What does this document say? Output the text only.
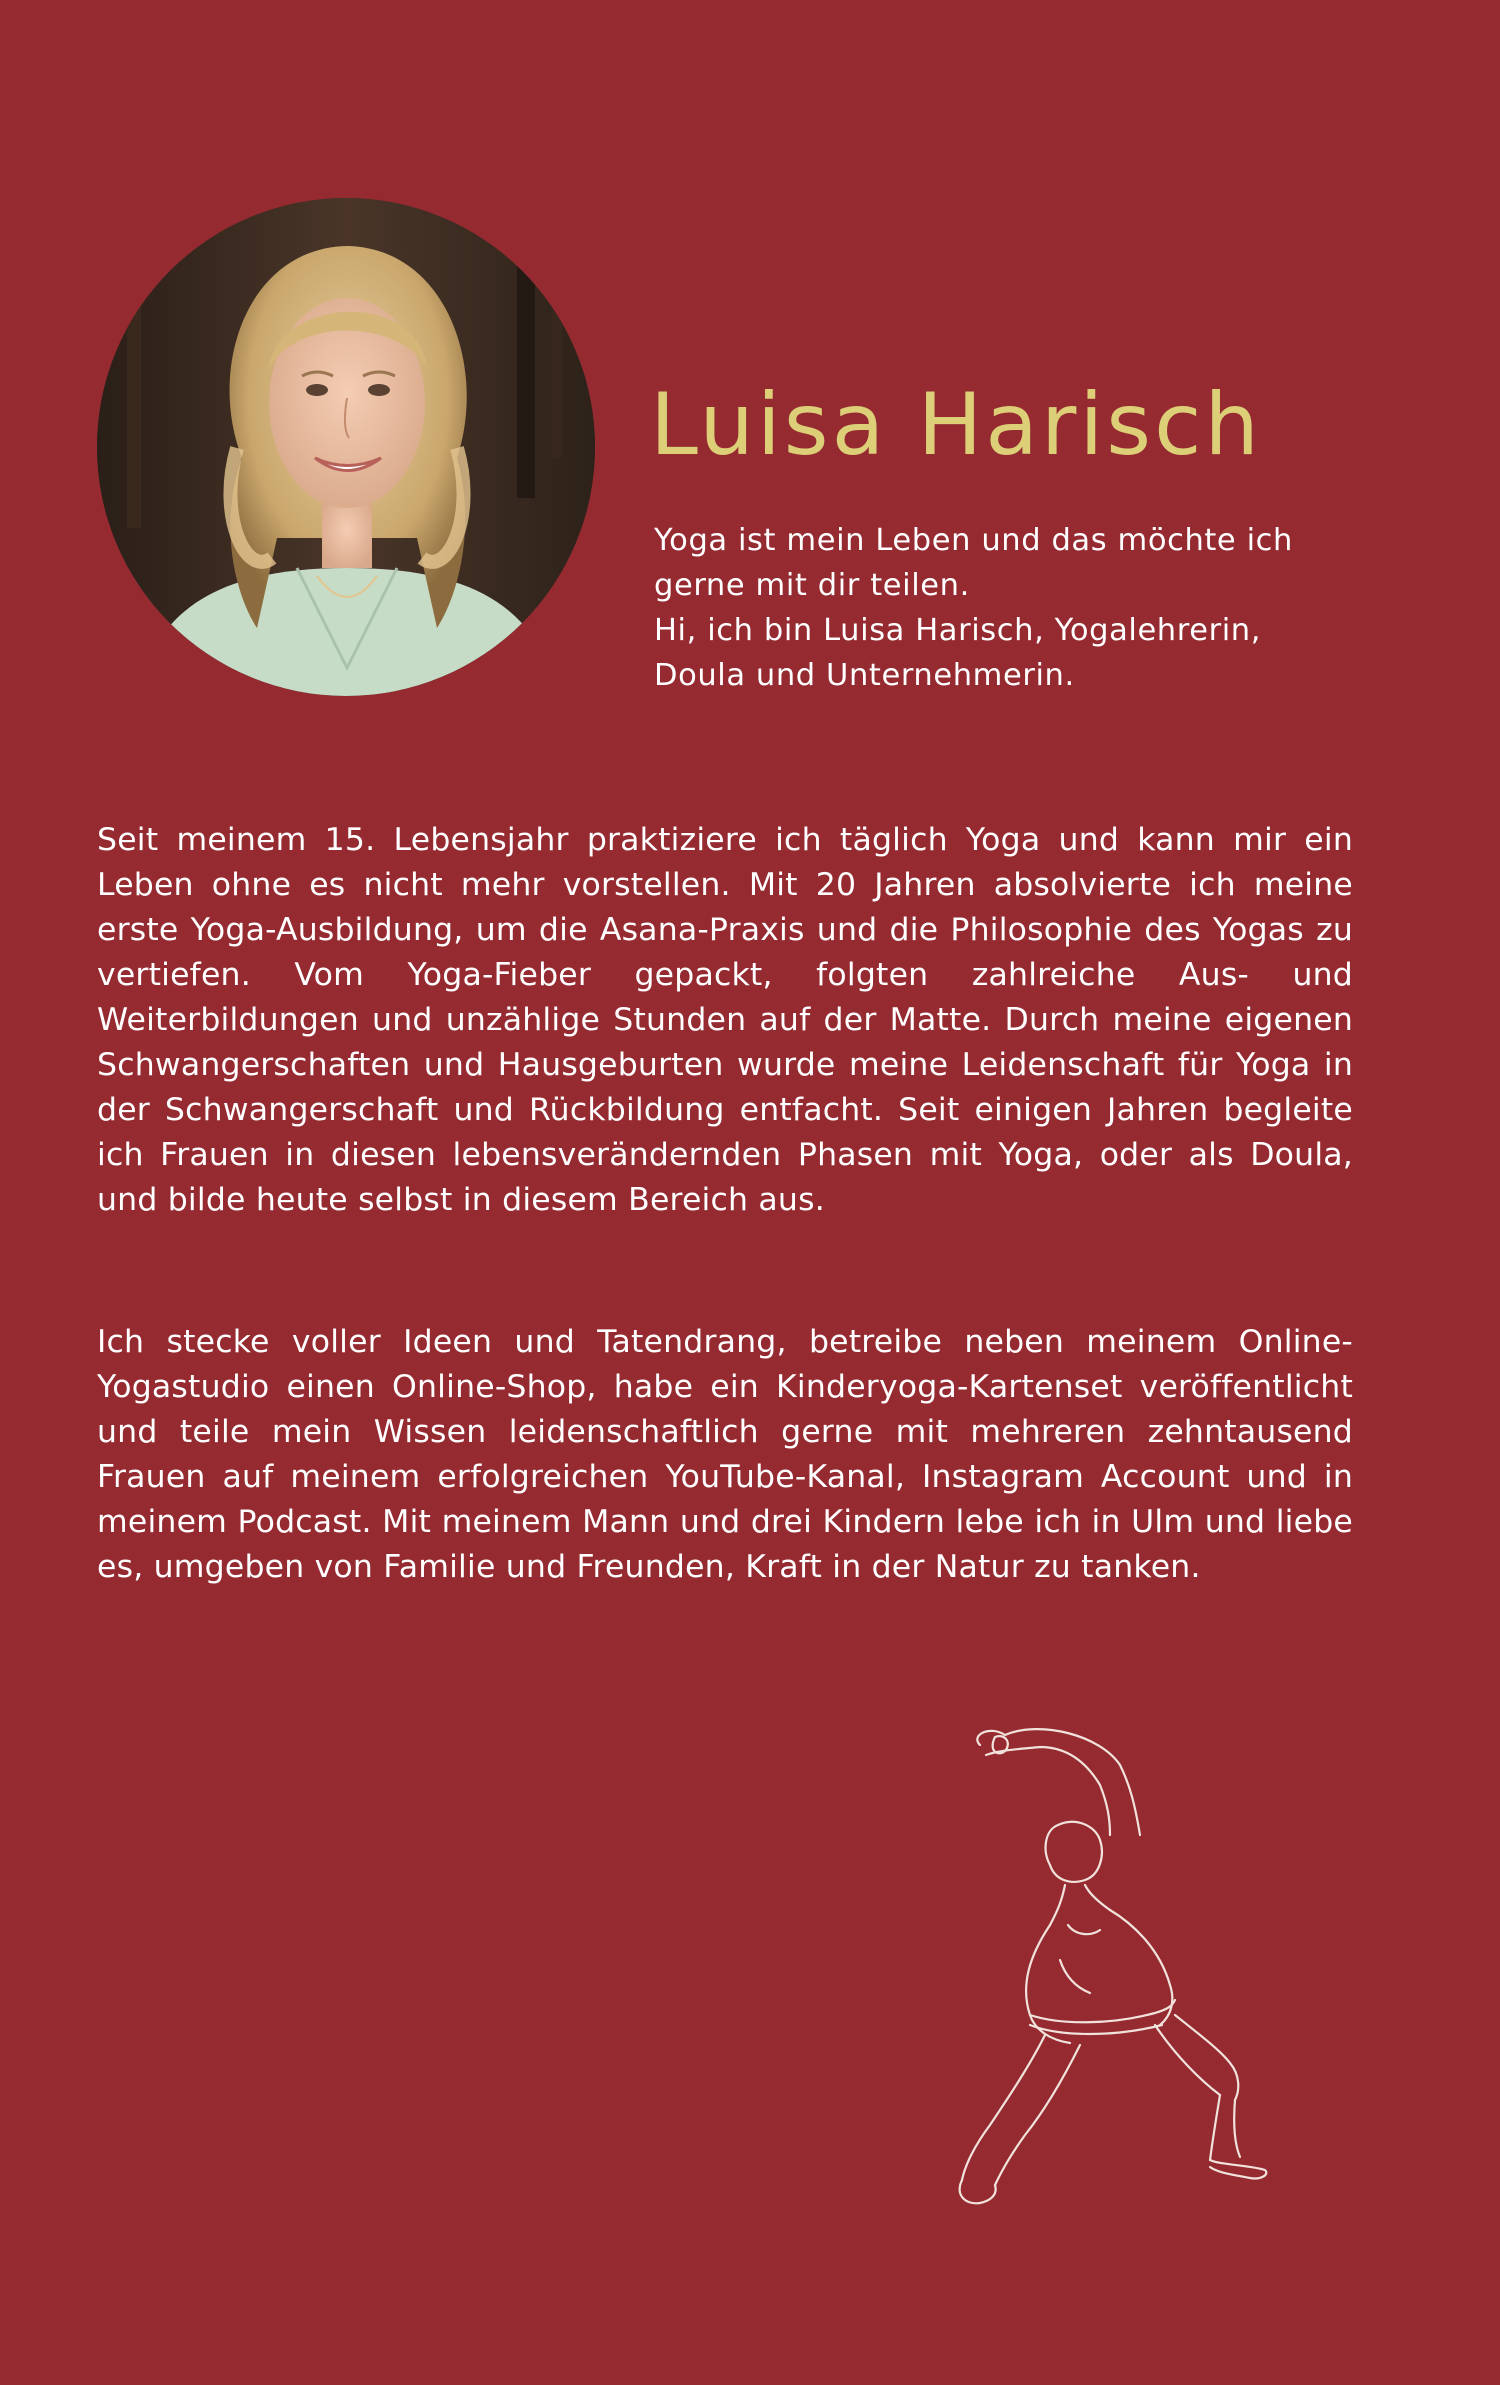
Luisa Harisch

Yoga ist mein Leben und das möchte ich gerne mit dir teilen.

Hi, ich bin Luisa Harisch, Yogalehrerin, Doula und Unternehmerin.

Seit meinem 15. Lebensjahr praktiziere ich täglich Yoga und kann mir ein Leben ohne es nicht mehr vorstellen. Mit 20 Jahren absolvierte ich meine erste Yoga-Ausbildung, um die Asana-Praxis und die Philosophie des Yogas zu vertiefen. Vom Yoga-Fieber gepackt, folgten zahlreiche Aus- und Weiterbildungen und unzählige Stunden auf der Matte. Durch meine eigenen Schwangerschaften und Hausgeburten wurde meine Leidenschaft für Yoga in der Schwangerschaft und Rückbildung entfacht. Seit einigen Jahren begleite ich Frauen in diesen lebensverändernden Phasen mit Yoga, oder als Doula, und bilde heute selbst in diesem Bereich aus.

Ich stecke voller Ideen und Tatendrang, betreibe neben meinem Online-Yogastudio einen Online-Shop, habe ein Kinderyoga-Kartenset veröffentlicht und teile mein Wissen leidenschaftlich gerne mit mehreren zehntausend Frauen auf meinem erfolgreichen YouTube-Kanal, Instagram Account und in meinem Podcast. Mit meinem Mann und drei Kindern lebe ich in Ulm und liebe es, umgeben von Familie und Freunden, Kraft in der Natur zu tanken.
